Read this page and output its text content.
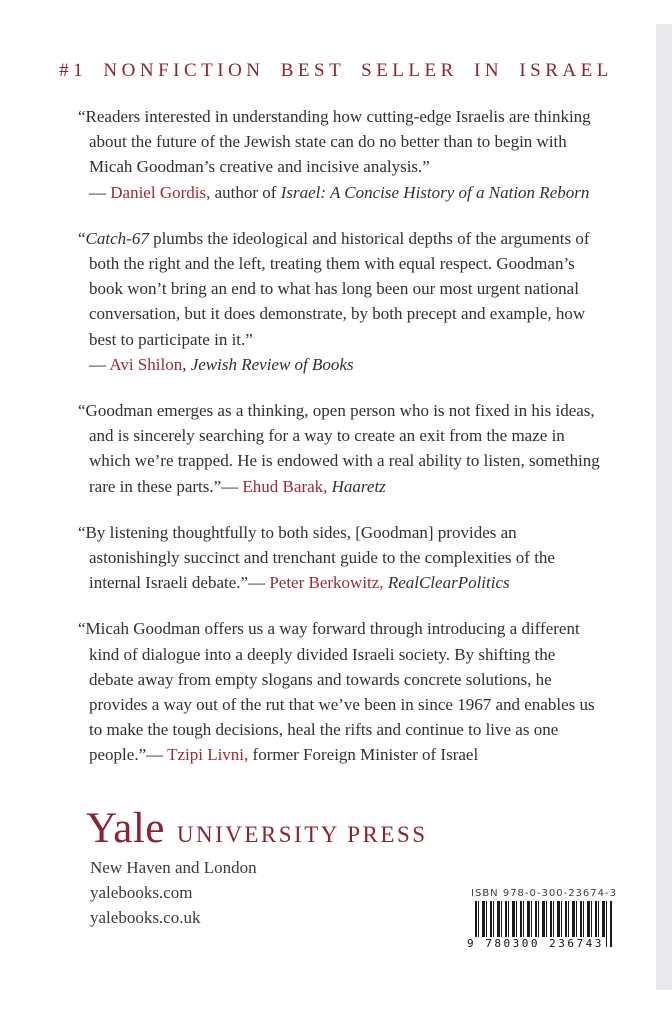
#1 NONFICTION BEST SELLER IN ISRAEL

“Readers interested in understanding how cutting-edge Israelis are thinking about the future of the Jewish state can do no better than to begin with Micah Goodman’s creative and incisive analysis.”
— Daniel Gordis, author of Israel: A Concise History of a Nation Reborn

“Catch-67 plumbs the ideological and historical depths of the arguments of both the right and the left, treating them with equal respect. Goodman’s book won’t bring an end to what has long been our most urgent national conversation, but it does demonstrate, by both precept and example, how best to participate in it.”
— Avi Shilon, Jewish Review of Books

“Goodman emerges as a thinking, open person who is not fixed in his ideas, and is sincerely searching for a way to create an exit from the maze in which we’re trapped. He is endowed with a real ability to listen, something rare in these parts.”— Ehud Barak, Haaretz

“By listening thoughtfully to both sides, [Goodman] provides an astonishingly succinct and trenchant guide to the complexities of the internal Israeli debate.”— Peter Berkowitz, RealClearPolitics

“Micah Goodman offers us a way forward through introducing a different kind of dialogue into a deeply divided Israeli society. By shifting the debate away from empty slogans and towards concrete solutions, he provides a way out of the rut that we’ve been in since 1967 and enables us to make the tough decisions, heal the rifts and continue to live as one people.”— Tzipi Livni, former Foreign Minister of Israel

Yale UNIVERSITY PRESS
New Haven and London
yalebooks.com
yalebooks.co.uk
ISBN 978-0-300-23674-3
9 780300 236743
